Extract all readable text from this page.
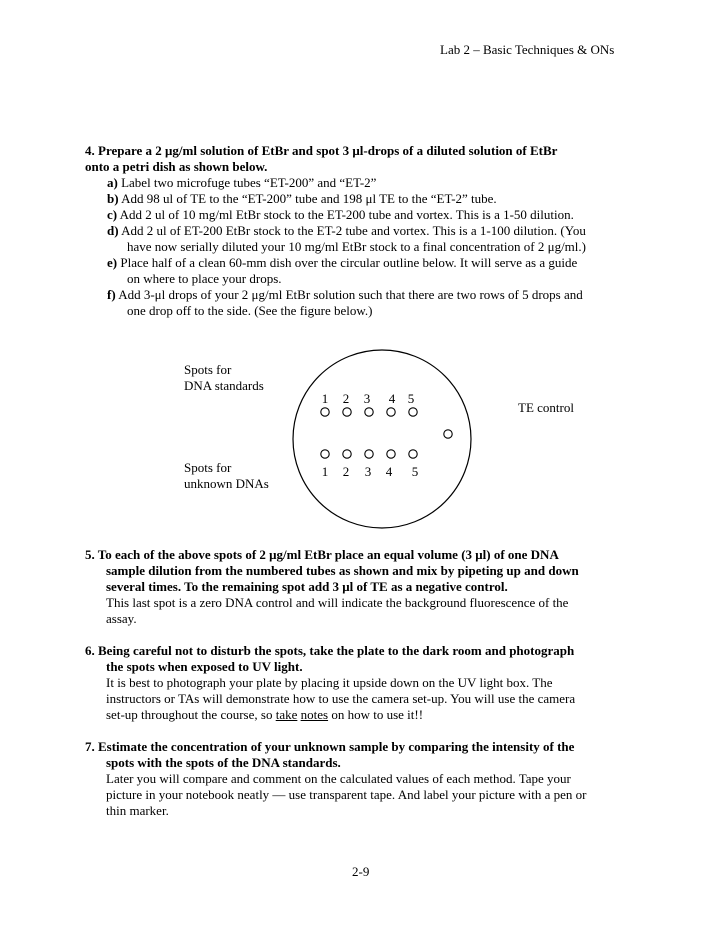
Lab 2 – Basic Techniques & ONs
4. Prepare a 2 μg/ml solution of EtBr and spot 3 μl-drops of a diluted solution of EtBr
onto a petri dish as shown below.
a) Label two microfuge tubes “ET-200” and “ET-2”
b) Add 98 ul of TE to the “ET-200” tube and 198 μl TE to the “ET-2” tube.
c) Add 2 ul of 10 mg/ml EtBr stock to the ET-200 tube and vortex. This is a 1-50 dilution.
d) Add 2 ul of ET-200 EtBr stock to the ET-2 tube and vortex. This is a 1-100 dilution. (You
have now serially diluted your 10 mg/ml EtBr stock to a final concentration of 2 μg/ml.)
e) Place half of a clean 60-mm dish over the circular outline below. It will serve as a guide
on where to place your drops.
f) Add 3-μl drops of your 2 μg/ml EtBr solution such that there are two rows of 5 drops and
one drop off to the side. (See the figure below.)
Spots for
DNA standards
Spots for
unknown DNAs
TE control
1 2 3 4 5
1 2 3 4 5
5. To each of the above spots of 2 μg/ml EtBr place an equal volume (3 μl) of one DNA
sample dilution from the numbered tubes as shown and mix by pipeting up and down
several times. To the remaining spot add 3 μl of TE as a negative control.
This last spot is a zero DNA control and will indicate the background fluorescence of the
assay.
6. Being careful not to disturb the spots, take the plate to the dark room and photograph
the spots when exposed to UV light.
It is best to photograph your plate by placing it upside down on the UV light box. The
instructors or TAs will demonstrate how to use the camera set-up. You will use the camera
set-up throughout the course, so take notes on how to use it!!
7. Estimate the concentration of your unknown sample by comparing the intensity of the
spots with the spots of the DNA standards.
Later you will compare and comment on the calculated values of each method. Tape your
picture in your notebook neatly — use transparent tape. And label your picture with a pen or
thin marker.
2-9
